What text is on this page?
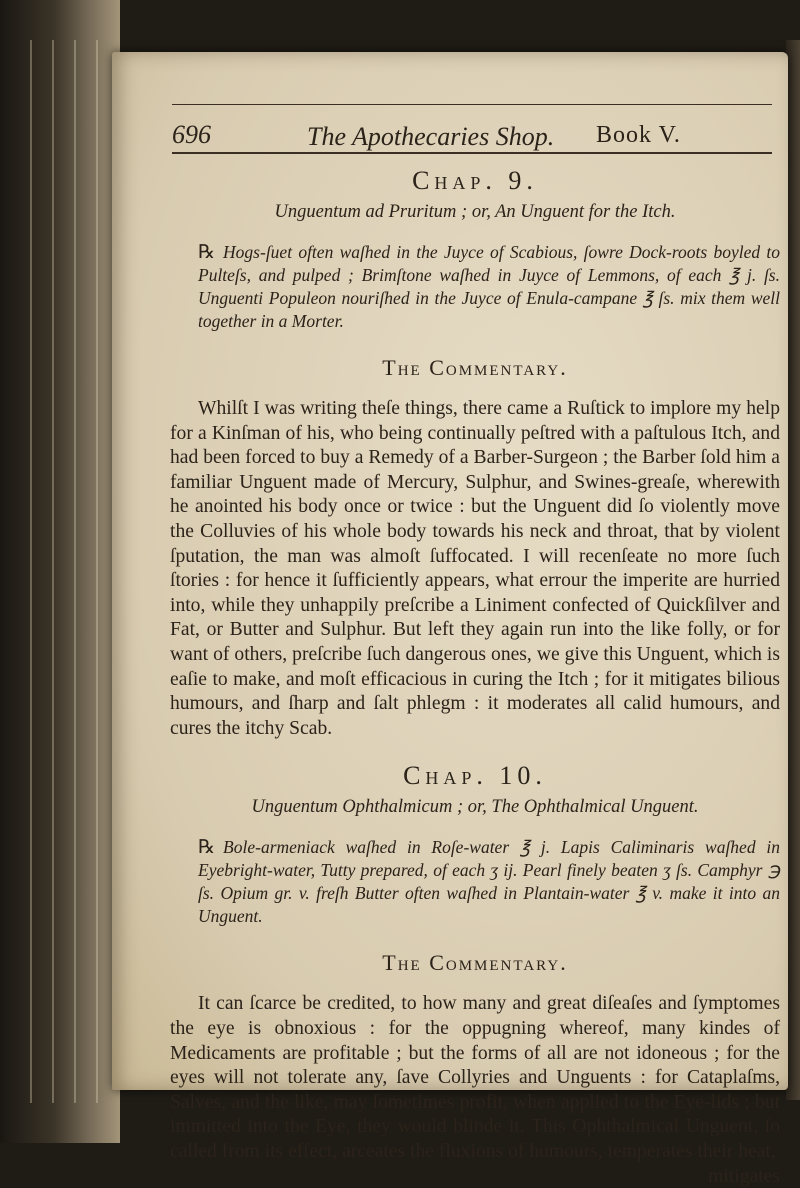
696	The Apothecaries Shop. Book V.
Chap. 9.
Unguentum ad Pruritum ; or, An Unguent for the Itch.
℞ Hogs-ſuet often waſhed in the Juyce of Scabious, ſowre Dock-roots boyled to Pulteſs, and pulped ; Brimſtone waſhed in Juyce of Lemmons, of each ℥ j. ſs. Unguenti Populeon nouriſhed in the Juyce of Enula-campane ℥ ſs. mix them well together in a Morter.
The Commentary.

Whilſt I was writing theſe things, there came a Ruſtick to implore my help for a Kinſman of his, who being continually peſtred with a paſtulous Itch, and had been forced to buy a Remedy of a Barber-Surgeon ; the Barber ſold him a familiar Unguent made of Mercury, Sulphur, and Swines-greaſe, wherewith he anointed his body once or twice : but the Unguent did ſo violently move the Colluvies of his whole body towards his neck and throat, that by violent ſputation, the man was almoſt ſuffocated. I will recenſeate no more ſuch ſtories : for hence it ſufficiently appears, what errour the imperite are hurried into, while they unhappily preſcribe a Liniment confected of Quickſilver and Fat, or Butter and Sulphur. But left they again run into the like folly, or for want of others, preſcribe ſuch dangerous ones, we give this Unguent, which is eaſie to make, and moſt efficacious in curing the Itch ; for it mitigates bilious humours, and ſharp and ſalt phlegm : it moderates all calid humours, and cures the itchy Scab.

Chap. 10.
Unguentum Ophthalmicum ; or, The Ophthalmical Unguent.
℞ Bole-armeniack waſhed in Roſe-water ℥ j. Lapis Caliminaris waſhed in Eyebright-water, Tutty prepared, of each ʒ ij. Pearl finely beaten ʒ ſs. Camphyr ℈ ſs. Opium gr. v. freſh Butter often waſhed in Plantain-water ℥ v. make it into an Unguent.
The Commentary.

It can ſcarce be credited, to how many and great diſeaſes and ſymptomes the eye is obnoxious : for the oppugning whereof, many kindes of Medicaments are profitable ; but the forms of all are not idoneous ; for the eyes will not tolerate any, ſave Collyries and Unguents : for Cataplaſms, Salves, and the like, may ſometimes profit, when applied to the Eye-lids ; but immitted into the Eye, they would blinde it. This Ophthalmical Unguent, ſo called from its effect, arceates the fluxions of humours, temperates their heat,

mitigates
